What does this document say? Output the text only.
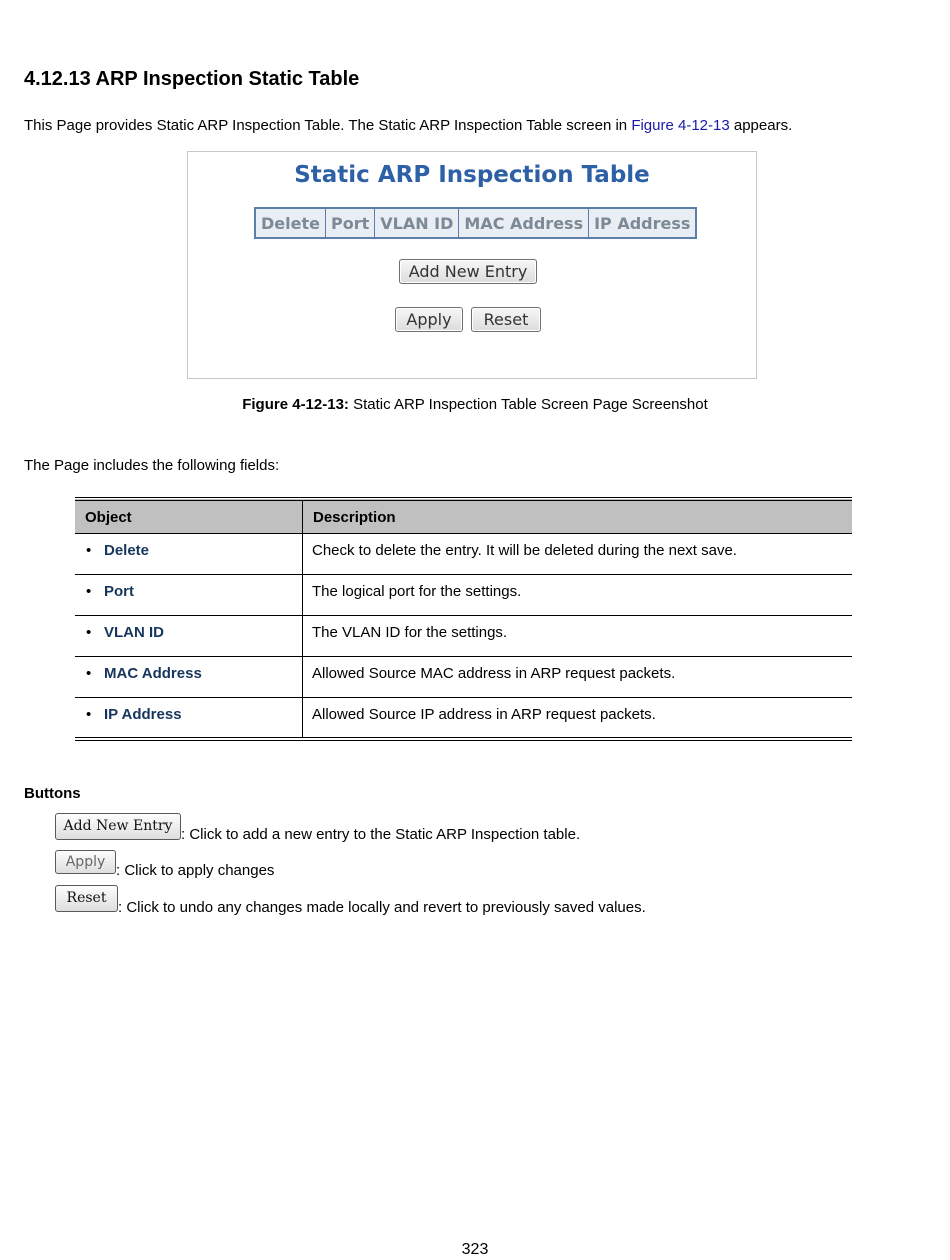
4.12.13 ARP Inspection Static Table

This Page provides Static ARP Inspection Table. The Static ARP Inspection Table screen in Figure 4-12-13 appears.

Static ARP Inspection Table
Delete	Port	VLAN ID	MAC Address	IP Address
Add New Entry
Apply	Reset

Figure 4-12-13: Static ARP Inspection Table Screen Page Screenshot

The Page includes the following fields:

Object	Description
• Delete	Check to delete the entry. It will be deleted during the next save.
• Port	The logical port for the settings.
• VLAN ID	The VLAN ID for the settings.
• MAC Address	Allowed Source MAC address in ARP request packets.
• IP Address	Allowed Source IP address in ARP request packets.

Buttons

Add New Entry : Click to add a new entry to the Static ARP Inspection table.
Apply : Click to apply changes
Reset: Click to undo any changes made locally and revert to previously saved values.

323
